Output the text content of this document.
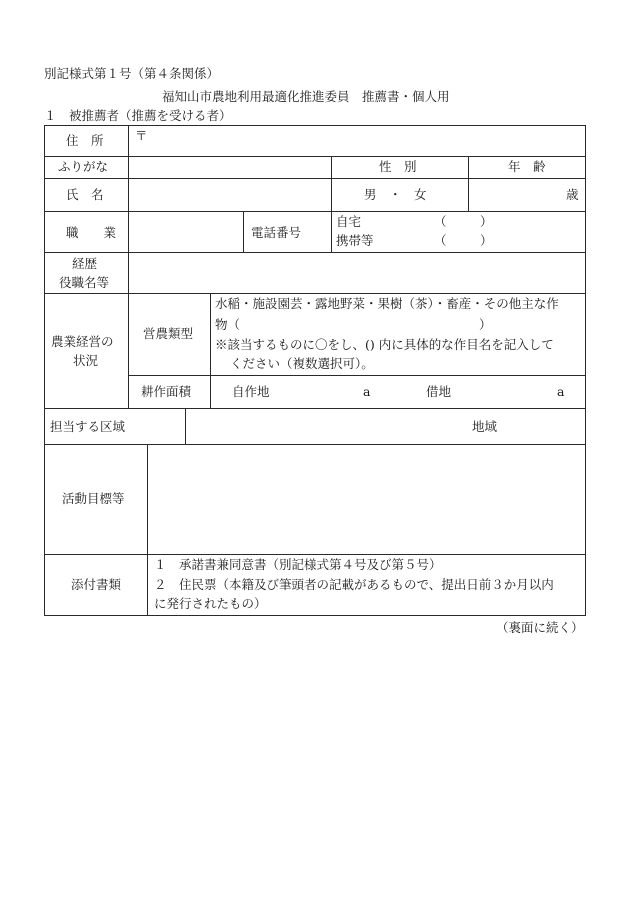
別記様式第１号（第４条関係）
福知山市農地利用最適化推進委員　推薦書・個人用
１　被推薦者（推薦を受ける者）
住　所	〒
ふりがな	性　別	年　齢
氏　名	男　・　女	歳
職　　業	電話番号
自宅	（	）
携帯等	（	）
経歴
役職名等
農業経営の
状況
営農類型
水稲・施設園芸・露地野菜・果樹（茶）・畜産・その他主な作
物（	）
※該当するものに〇をし、() 内に具体的な作目名を記入して
ください（複数選択可）。
耕作面積	自作地	a	借地	a
担当する区域	地域
活動目標等
添付書類
１　承諾書兼同意書（別記様式第４号及び第５号）
２　住民票（本籍及び筆頭者の記載があるもので、提出日前３か月以内
に発行されたもの）
（裏面に続く）
